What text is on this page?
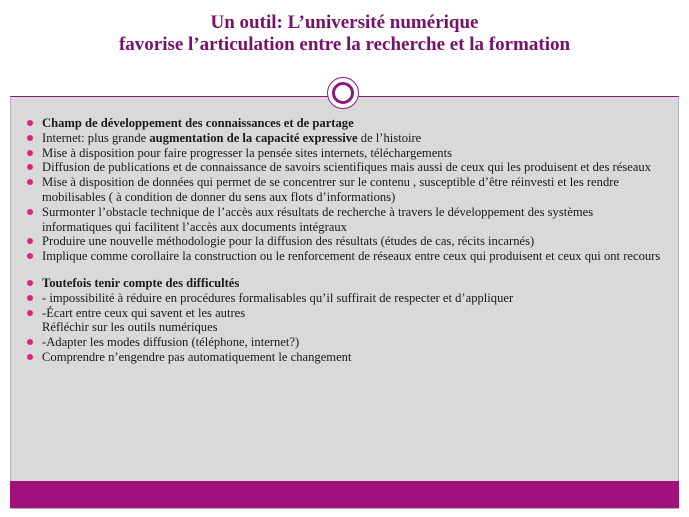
Un outil: L’université numérique
favorise l’articulation entre la recherche et la formation
Champ de développement des connaissances et de partage
Internet: plus grande augmentation de la capacité expressive de l’histoire
Mise à disposition pour faire progresser la pensée sites internets, téléchargements
Diffusion de publications et de connaissance de savoirs scientifiques mais aussi de ceux qui les produisent et des réseaux
Mise à disposition de données qui permet de se concentrer sur le contenu , susceptible d’être réinvesti et les rendre mobilisables ( à condition de donner du sens aux flots d’informations)
Surmonter l’obstacle technique de l’accès aux résultats de recherche à travers le développement des systèmes informatiques qui facilitent l’accès aux documents intégraux
Produire une nouvelle méthodologie pour la diffusion des résultats (études de cas, récits incarnés)
Implique comme corollaire la construction ou le renforcement de réseaux entre ceux qui produisent et ceux qui ont recours
Toutefois tenir compte des difficultés
- impossibilité à réduire en procédures formalisables qu’il suffirait de respecter et d’appliquer
-Écart entre ceux qui savent et les autres
Réfléchir sur les outils numériques
-Adapter les modes diffusion (téléphone, internet?)
Comprendre n’engendre pas automatiquement le changement
